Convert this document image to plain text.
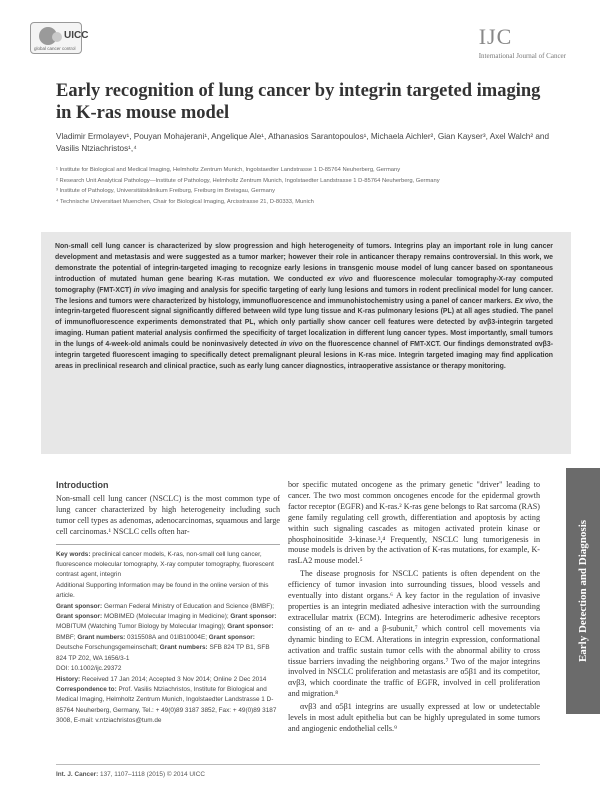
UICC
global cancer control	IJC
International Journal of Cancer
Early recognition of lung cancer by integrin targeted imaging in K-ras mouse model
Vladimir Ermolayev¹, Pouyan Mohajerani¹, Angelique Ale¹, Athanasios Sarantopoulos¹, Michaela Aichler², Gian Kayser³, Axel Walch² and Vasilis Ntziachristos¹,⁴
¹ Institute for Biological and Medical Imaging, Helmholtz Zentrum Munich, Ingolstaedter Landstrasse 1 D-85764 Neuherberg, Germany
² Research Unit Analytical Pathology—Institute of Pathology, Helmholtz Zentrum Munich, Ingolstaedter Landstrasse 1 D-85764 Neuherberg, Germany
³ Institute of Pathology, Universitätsklinikum Freiburg, Freiburg im Breisgau, Germany
⁴ Technische Universitaet Muenchen, Chair for Biological Imaging, Arcisstrasse 21, D-80333, Munich

Non-small cell lung cancer is characterized by slow progression and high heterogeneity of tumors. Integrins play an important role in lung cancer development and metastasis and were suggested as a tumor marker; however their role in anticancer therapy remains controversial. In this work, we demonstrate the potential of integrin-targeted imaging to recognize early lesions in transgenic mouse model of lung cancer based on spontaneous introduction of mutated human gene bearing K-ras mutation. We conducted ex vivo and fluorescence molecular tomography-X-ray computed tomography (FMT-XCT) in vivo imaging and analysis for specific targeting of early lung lesions and tumors in rodent preclinical model for lung cancer. The lesions and tumors were characterized by histology, immunofluorescence and immunohistochemistry using a panel of cancer markers. Ex vivo, the integrin-targeted fluorescent signal significantly differed between wild type lung tissue and K-ras pulmonary lesions (PL) at all ages studied. The panel of immunofluorescence experiments demonstrated that PL, which only partially show cancer cell features were detected by αvβ3-integrin targeted imaging. Human patient material analysis confirmed the specificity of target localization in different lung cancer types. Most importantly, small tumors in the lungs of 4-week-old animals could be noninvasively detected in vivo on the fluorescence channel of FMT-XCT. Our findings demonstrated αvβ3-integrin targeted fluorescent imaging to specifically detect premalignant pleural lesions in K-ras mice. Integrin targeted imaging may find application areas in preclinical research and clinical practice, such as early lung cancer diagnostics, intraoperative assistance or therapy monitoring.

Early Detection and Diagnosis
Introduction

Non-small cell lung cancer (NSCLC) is the most common type of lung cancer characterized by high heterogeneity including such tumor cell types as adenomas, adenocarcinomas, squamous and large cell carcinomas.¹ NSCLC cells often har-

Key words: preclinical cancer models, K-ras, non-small cell lung cancer, fluorescence molecular tomography, X-ray computer tomography, fluorescent contrast agent, integrin

Additional Supporting Information may be found in the online version of this article.

Grant sponsor: German Federal Ministry of Education and Science (BMBF); Grant sponsor: MOBIMED (Molecular Imaging in Medicine); Grant sponsor: MOBITUM (Watching Tumor Biology by Molecular Imaging); Grant sponsor: BMBF; Grant numbers: 0315508A and 01IB10004E; Grant sponsor: Deutsche Forschungsgemeinschaft; Grant numbers: SFB 824 TP B1, SFB 824 TP Z02, WA 1656/3-1

DOI: 10.1002/ijc.29372

History: Received 17 Jan 2014; Accepted 3 Nov 2014; Online 2 Dec 2014

Correspondence to: Prof. Vasilis Ntziachristos, Institute for Biological and Medical Imaging, Helmholtz Zentrum Munich, Ingolstaedter Landstrasse 1 D-85764 Neuherberg, Germany, Tel.: + 49(0)89 3187 3852, Fax: + 49(0)89 3187 3008, E-mail: v.ntziachristos@tum.de

bor specific mutated oncogene as the primary genetic "driver" leading to cancer. The two most common oncogenes encode for the epidermal growth factor receptor (EGFR) and K-ras.² K-ras gene belongs to Rat sarcoma (RAS) gene family regulating cell growth, differentiation and apoptosis by acting within such signaling cascades as mitogen activated protein kinase or phosphoinositide 3-kinase.³,⁴ Frequently, NSCLC lung tumorigenesis in mouse models is driven by the activation of K-ras mutations, for example, K-rasLA2 mouse model.⁵

The disease prognosis for NSCLC patients is often dependent on the efficiency of tumor invasion into surrounding tissues, blood vessels and eventually into distant organs.⁶ A key factor in the regulation of invasive properties is an integrin mediated adhesive interaction with the surrounding extracellular matrix (ECM). Integrins are heterodimeric adhesive receptors consisting of an α- and a β-subunit,⁷ which control cell movements via dynamic binding to ECM. Alterations in integrin expression, conformational activation and traffic sustain tumor cells with the abnormal ability to cross tissue barriers invading the neighboring organs.⁷ Two of the major integrins involved in NSCLC proliferation and metastasis are α5β1 and its competitor, αvβ3, which coordinate the traffic of EGFR, involved in cell proliferation and migration.⁸

αvβ3 and α5β1 integrins are usually expressed at low or undetectable levels in most adult epithelia but can be highly upregulated in some tumors and angiogenic endothelial cells.⁹

Int. J. Cancer: 137, 1107–1118 (2015) © 2014 UICC
